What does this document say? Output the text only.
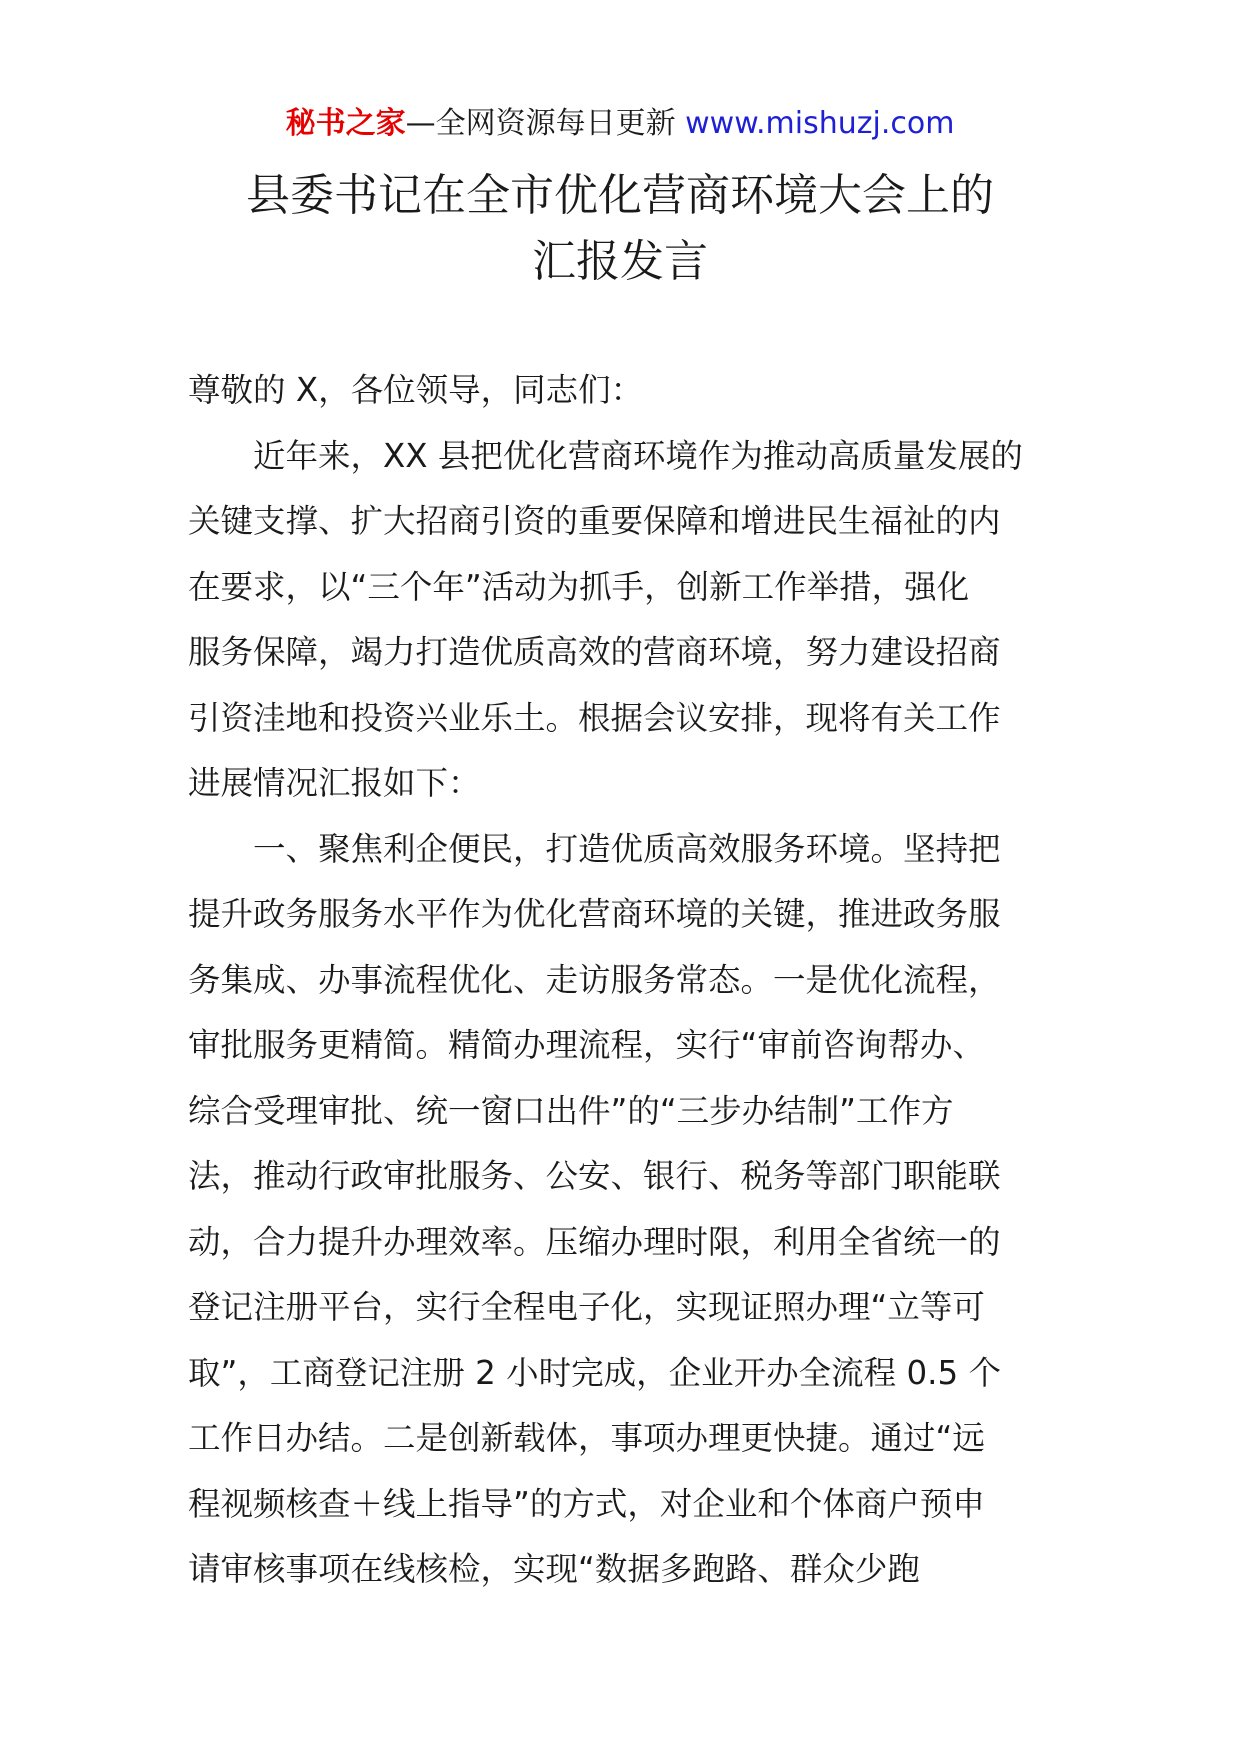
秘书之家—全网资源每日更新 www.mishuzj.com
县委书记在全市优化营商环境大会上的
汇报发言
尊敬的 X，各位领导，同志们：
　　近年来，XX 县把优化营商环境作为推动高质量发展的
关键支撑、扩大招商引资的重要保障和增进民生福祉的内
在要求，以“三个年”活动为抓手，创新工作举措，强化
服务保障，竭力打造优质高效的营商环境，努力建设招商
引资洼地和投资兴业乐土。根据会议安排，现将有关工作
进展情况汇报如下：
　　一、聚焦利企便民，打造优质高效服务环境。坚持把
提升政务服务水平作为优化营商环境的关键，推进政务服
务集成、办事流程优化、走访服务常态。一是优化流程，
审批服务更精简。精简办理流程，实行“审前咨询帮办、
综合受理审批、统一窗口出件”的“三步办结制”工作方
法，推动行政审批服务、公安、银行、税务等部门职能联
动，合力提升办理效率。压缩办理时限，利用全省统一的
登记注册平台，实行全程电子化，实现证照办理“立等可
取”，工商登记注册 2 小时完成，企业开办全流程 0.5 个
工作日办结。二是创新载体，事项办理更快捷。通过“远
程视频核查＋线上指导”的方式，对企业和个体商户预申
请审核事项在线核检，实现“数据多跑路、群众少跑
